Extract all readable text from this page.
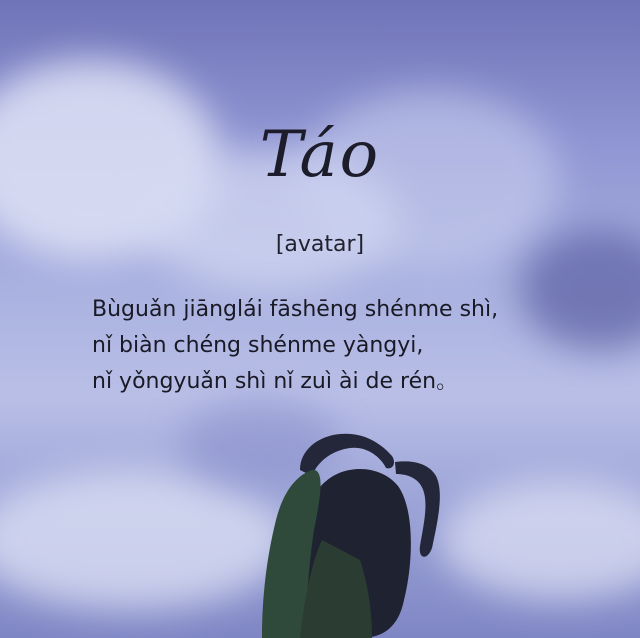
Táo
[avatar]
Bùguǎn jiānglái fāshēng shénme shì,
nǐ biàn chéng shénme yàngyi,
nǐ yǒngyuǎn shì nǐ zuì ài de rén。
